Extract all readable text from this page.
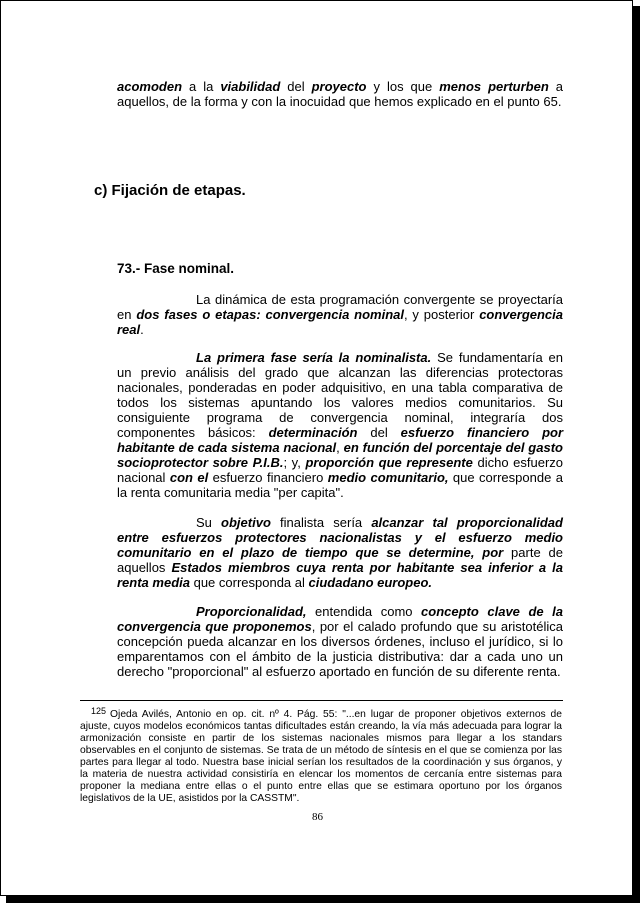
acomoden a la viabilidad del proyecto y los que menos perturben a aquellos, de la forma y con la inocuidad que hemos explicado en el punto 65.
c) Fijación de etapas.
73.- Fase nominal.
La dinámica de esta programación convergente se proyectaría en dos fases o etapas: convergencia nominal, y posterior convergencia real.
La primera fase sería la nominalista. Se fundamentaría en un previo análisis del grado que alcanzan las diferencias protectoras nacionales, ponderadas en poder adquisitivo, en una tabla comparativa de todos los sistemas apuntando los valores medios comunitarios. Su consiguiente programa de convergencia nominal, integraría dos componentes básicos: determinación del esfuerzo financiero por habitante de cada sistema nacional, en función del porcentaje del gasto socioprotector sobre P.I.B.; y, proporción que represente dicho esfuerzo nacional con el esfuerzo financiero medio comunitario, que corresponde a la renta comunitaria media "per capita".
Su objetivo finalista sería alcanzar tal proporcionalidad entre esfuerzos protectores nacionalistas y el esfuerzo medio comunitario en el plazo de tiempo que se determine, por parte de aquellos Estados miembros cuya renta por habitante sea inferior a la renta media que corresponda al ciudadano europeo.
Proporcionalidad, entendida como concepto clave de la convergencia que proponemos, por el calado profundo que su aristotélica concepción pueda alcanzar en los diversos órdenes, incluso el jurídico, si lo emparentamos con el ámbito de la justicia distributiva: dar a cada uno un derecho "proporcional" al esfuerzo aportado en función de su diferente renta.
$^{125}$ Ojeda Avilés, Antonio en op. cit. nº 4. Pág. 55: "...en lugar de proponer objetivos externos de ajuste, cuyos modelos económicos tantas dificultades están creando, la vía más adecuada para lograr la armonización consiste en partir de los sistemas nacionales mismos para llegar a los standars observables en el conjunto de sistemas. Se trata de un método de síntesis en el que se comienza por las partes para llegar al todo. Nuestra base inicial serían los resultados de la coordinación y sus órganos, y la materia de nuestra actividad consistiría en elencar los momentos de cercanía entre sistemas para proponer la mediana entre ellas o el punto entre ellas que se estimara oportuno por los órganos legislativos de la UE, asistidos por la CASSTM".
86
